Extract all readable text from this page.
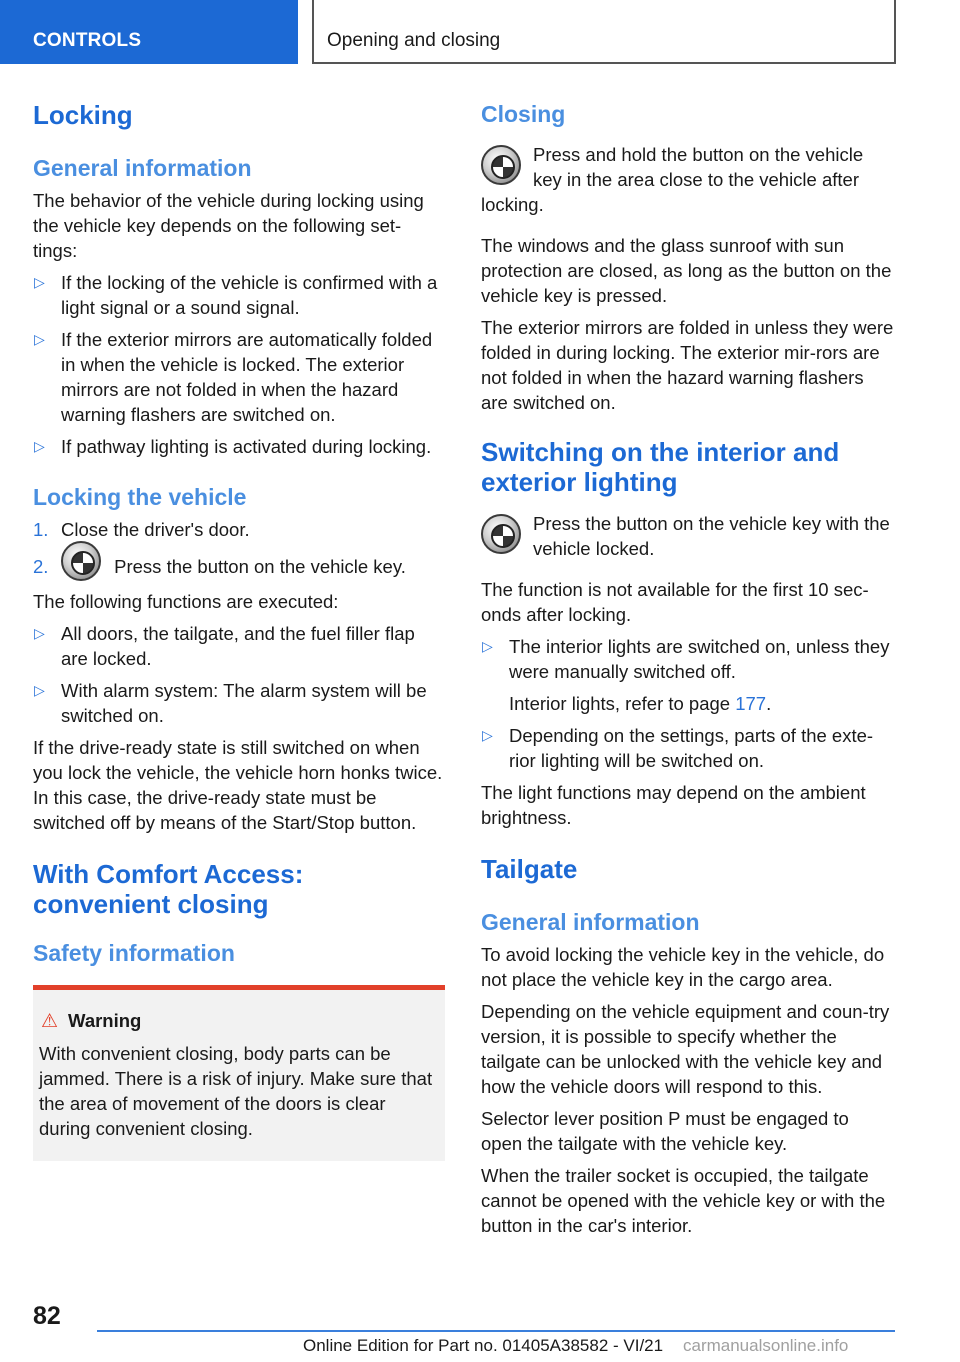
CONTROLS	Opening and closing
Locking
General information

The behavior of the vehicle during locking using the vehicle key depends on the following set-tings:

▷ If the locking of the vehicle is confirmed with a light signal or a sound signal.
▷ If the exterior mirrors are automatically folded in when the vehicle is locked. The exterior mirrors are not folded in when the hazard warning flashers are switched on.
▷ If pathway lighting is activated during locking.
Locking the vehicle
1. Close the driver's door.
2.	Press the button on the vehicle key.

The following functions are executed:

▷ All doors, the tailgate, and the fuel filler flap are locked.
▷ With alarm system: The alarm system will be switched on.

If the drive-ready state is still switched on when you lock the vehicle, the vehicle horn honks twice. In this case, the drive-ready state must be switched off by means of the Start/Stop button.

With Comfort Access: convenient closing
Safety information
⚠ Warning

With convenient closing, body parts can be jammed. There is a risk of injury. Make sure that the area of movement of the doors is clear during convenient closing.

Closing

Press and hold the button on the vehicle key in the area close to the vehicle after locking.

The windows and the glass sunroof with sun protection are closed, as long as the button on the vehicle key is pressed.

The exterior mirrors are folded in unless they were folded in during locking. The exterior mir-rors are not folded in when the hazard warning flashers are switched on.

Switching on the interior and exterior lighting

Press the button on the vehicle key with the vehicle locked.

The function is not available for the first 10 sec-onds after locking.

▷ The interior lights are switched on, unless they were manually switched off.
Interior lights, refer to page 177.
▷ Depending on the settings, parts of the exte-rior lighting will be switched on.

The light functions may depend on the ambient brightness.

Tailgate
General information

To avoid locking the vehicle key in the vehicle, do not place the vehicle key in the cargo area.

Depending on the vehicle equipment and coun-try version, it is possible to specify whether the tailgate can be unlocked with the vehicle key and how the vehicle doors will respond to this.

Selector lever position P must be engaged to open the tailgate with the vehicle key.

When the trailer socket is occupied, the tailgate cannot be opened with the vehicle key or with the button in the car's interior.

82
Online Edition for Part no. 01405A38582 - VI/21 carmanualsonline.info
